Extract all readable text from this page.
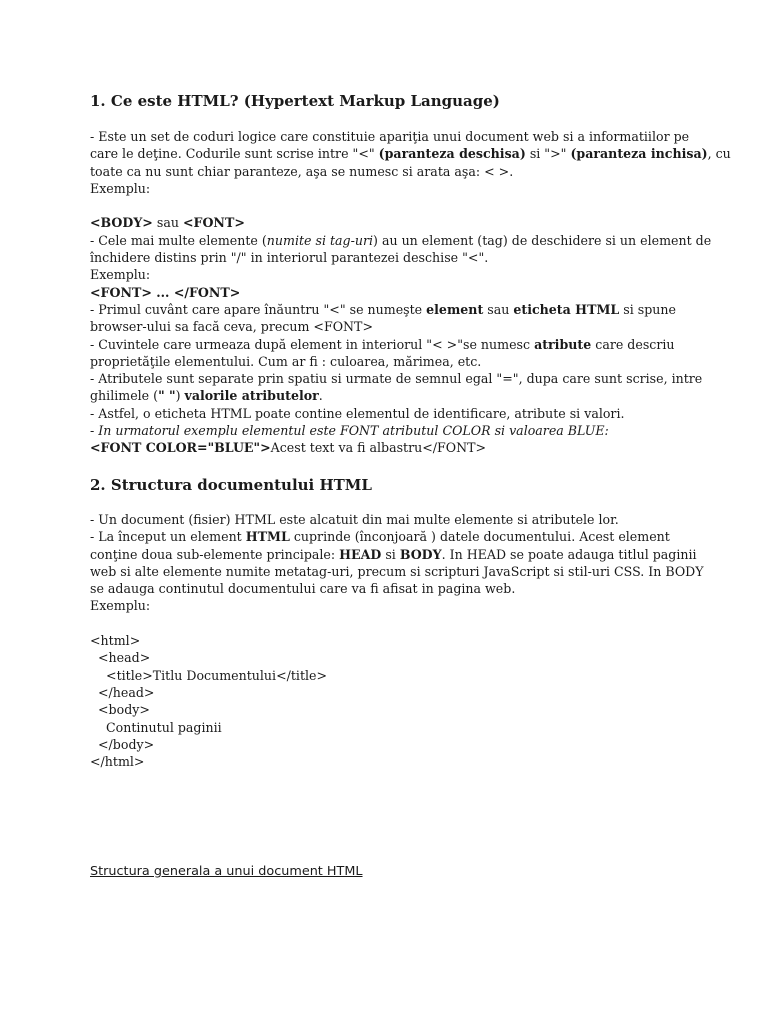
1. Ce este HTML? (Hypertext Markup Language)
- Este un set de coduri logice care constituie apariţia unui document web si a informatiilor pe
care le deţine. Codurile sunt scrise intre "<" (paranteza deschisa) si ">" (paranteza inchisa), cu
toate ca nu sunt chiar paranteze, aşa se numesc si arata aşa: < >.
Exemplu:
<BODY> sau <FONT>
- Cele mai multe elemente (numite si tag-uri) au un element (tag) de deschidere si un element de
închidere distins prin "/" in interiorul parantezei deschise "<".
Exemplu:
<FONT> ... </FONT>
- Primul cuvânt care apare înăuntru "<" se numeşte element sau eticheta HTML si spune
browser-ului sa facă ceva, precum <FONT>
- Cuvintele care urmeaza după element in interiorul "< >"se numesc atribute care descriu
proprietăţile elementului. Cum ar fi : culoarea, mărimea, etc.
- Atributele sunt separate prin spatiu si urmate de semnul egal "=", dupa care sunt scrise, intre
ghilimele (" ") valorile atributelor.
- Astfel, o eticheta HTML poate contine elementul de identificare, atribute si valori.
- In urmatorul exemplu elementul este FONT atributul COLOR si valoarea BLUE:
<FONT COLOR="BLUE">Acest text va fi albastru</FONT>
2. Structura documentului HTML
- Un document (fisier) HTML este alcatuit din mai multe elemente si atributele lor.
- La început un element HTML cuprinde (înconjoară ) datele documentului. Acest element
conţine doua sub-elemente principale: HEAD si BODY. In HEAD se poate adauga titlul paginii
web si alte elemente numite metatag-uri, precum si scripturi JavaScript si stil-uri CSS. In BODY
se adauga continutul documentului care va fi afisat in pagina web.
Exemplu:
<html>
<head>
<title>Titlu Documentului</title>
</head>
<body>
Continutul paginii
</body>
</html>
Structura generala a unui document HTML
